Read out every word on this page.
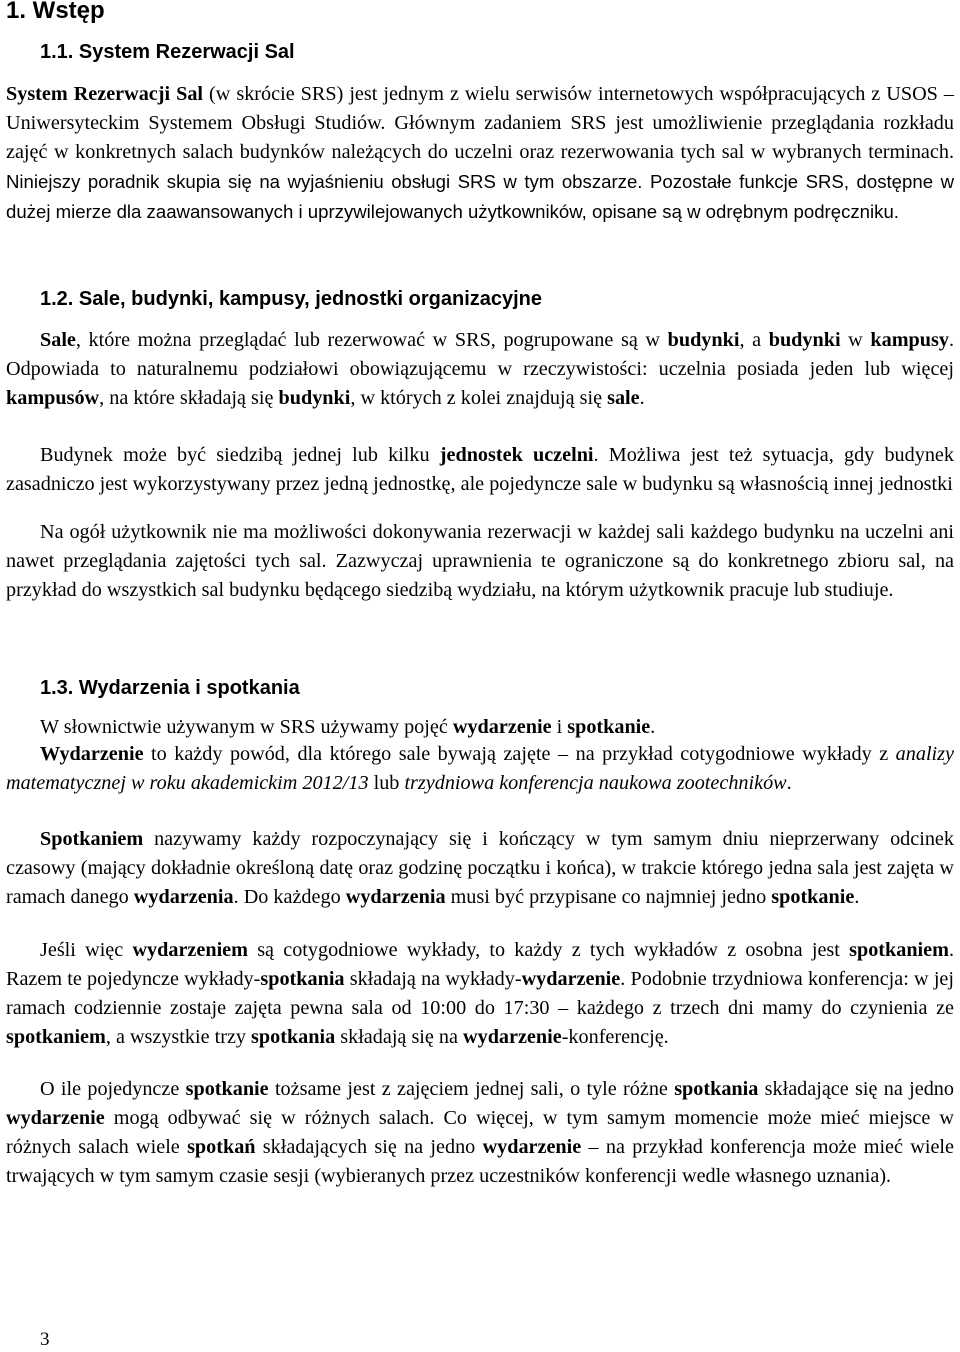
1. Wstęp
1.1. System Rezerwacji Sal

System Rezerwacji Sal (w skrócie SRS) jest jednym z wielu serwisów internetowych współpracujących z USOS – Uniwersyteckim Systemem Obsługi Studiów. Głównym zadaniem SRS jest umożliwienie przeglądania rozkładu zajęć w konkretnych salach budynków należących do uczelni oraz rezerwowania tych sal w wybranych terminach. Niniejszy poradnik skupia się na wyjaśnieniu obsługi SRS w tym obszarze. Pozostałe funkcje SRS, dostępne w dużej mierze dla zaawansowanych i uprzywilejowanych użytkowników, opisane są w odrębnym podręczniku.

1.2. Sale, budynki, kampusy, jednostki organizacyjne

Sale, które można przeglądać lub rezerwować w SRS, pogrupowane są w budynki, a budynki w kampusy. Odpowiada to naturalnemu podziałowi obowiązującemu w rzeczywistości: uczelnia posiada jeden lub więcej kampusów, na które składają się budynki, w których z kolei znajdują się sale.

Budynek może być siedzibą jednej lub kilku jednostek uczelni. Możliwa jest też sytuacja, gdy budynek zasadniczo jest wykorzystywany przez jedną jednostkę, ale pojedyncze sale w budynku są własnością innej jednostki

Na ogół użytkownik nie ma możliwości dokonywania rezerwacji w każdej sali każdego budynku na uczelni ani nawet przeglądania zajętości tych sal. Zazwyczaj uprawnienia te ograniczone są do konkretnego zbioru sal, na przykład do wszystkich sal budynku będącego siedzibą wydziału, na którym użytkownik pracuje lub studiuje.

1.3. Wydarzenia i spotkania

W słownictwie używanym w SRS używamy pojęć wydarzenie i spotkanie.

Wydarzenie to każdy powód, dla którego sale bywają zajęte – na przykład cotygodniowe wykłady z analizy matematycznej w roku akademickim 2012/13 lub trzydniowa konferencja naukowa zootechników.

Spotkaniem nazywamy każdy rozpoczynający się i kończący w tym samym dniu nieprzerwany odcinek czasowy (mający dokładnie określoną datę oraz godzinę początku i końca), w trakcie którego jedna sala jest zajęta w ramach danego wydarzenia. Do każdego wydarzenia musi być przypisane co najmniej jedno spotkanie.

Jeśli więc wydarzeniem są cotygodniowe wykłady, to każdy z tych wykładów z osobna jest spotkaniem. Razem te pojedyncze wykłady-spotkania składają na wykłady-wydarzenie. Podobnie trzydniowa konferencja: w jej ramach codziennie zostaje zajęta pewna sala od 10:00 do 17:30 – każdego z trzech dni mamy do czynienia ze spotkaniem, a wszystkie trzy spotkania składają się na wydarzenie-konferencję.

O ile pojedyncze spotkanie tożsame jest z zajęciem jednej sali, o tyle różne spotkania składające się na jedno wydarzenie mogą odbywać się w różnych salach. Co więcej, w tym samym momencie może mieć miejsce w różnych salach wiele spotkań składających się na jedno wydarzenie – na przykład konferencja może mieć wiele trwających w tym samym czasie sesji (wybieranych przez uczestników konferencji wedle własnego uznania).

3
